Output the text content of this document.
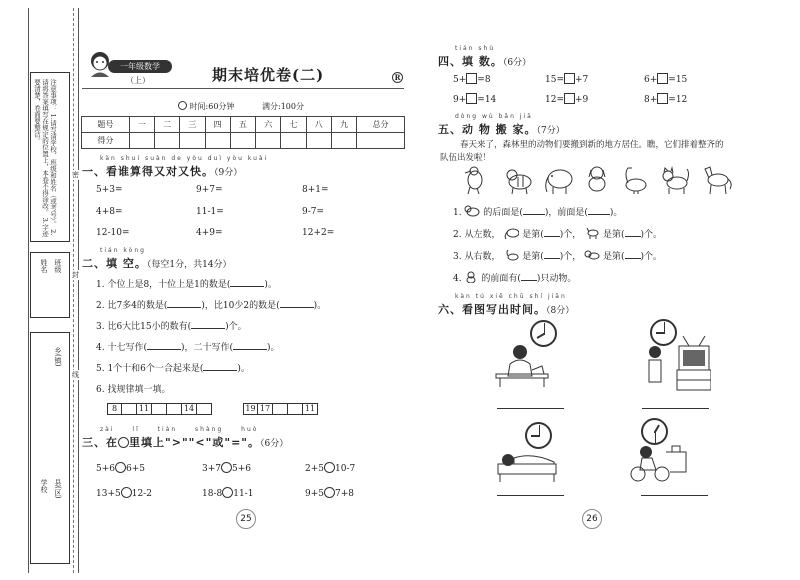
注意事项： 1.请写清学校、班级和姓名（或考号）。 2.请将答案填写在规定的位置上，本卷不得涂改。 3.字迹要清楚，卷面要整洁。
班级
姓名
县(区)
乡(镇)
学校
密
封
线
一年级数学
（上）	期末培优卷(二)	R
时间:60分钟	满分:100分
题号	一	二	三	四	五	六	七	八	九	总分
得分										
kàn shuí suàn de yòu duì yòu kuài
一、看谁算得又对又快。（9分）
5+3=	9+7=	8+1=
4+8=	11-1=	9-7=
12-10=	4+9=	12+2=
tián kòng
二、填 空。（每空1分，共14分）
1. 个位上是8，十位上是1的数是(	)。
2. 比7多4的数是(	)，比10少2的数是(	)。
3. 比6大比15小的数有(	)个。
4. 十七写作(	)，二十写作(	)。
5. 1个十和6个一合起来是(	)。
6. 找规律填一填。
8	11	14	19 17	11
zài lǐ tián shàng huò
三、在 里填上">""<"或"="。（6分）
5+6 6+5	3+7 5+6	2+5 10-7
13+5 12-2	18-8 11-1	9+5 7+8
25
tián shù
四、填 数。（6分）
5+ =8	15= +7	6+ =15
9+ =14	12= +9	8+ =12
dòng wù bān jiā
五、动 物 搬 家。（7分）
春天来了，森林里的动物们要搬到新的地方居住。瞧，它们排着整齐的
队伍出发啦！
1. 的后面是( )，前面是( )。
2. 从左数， 是第( )个， 是第( )个。
3. 从右数， 是第( )个， 是第( )个。
4. 的前面有( )只动物。
kàn tú xiě chū shí jiān
六、看图写出时间。（8分）
26
